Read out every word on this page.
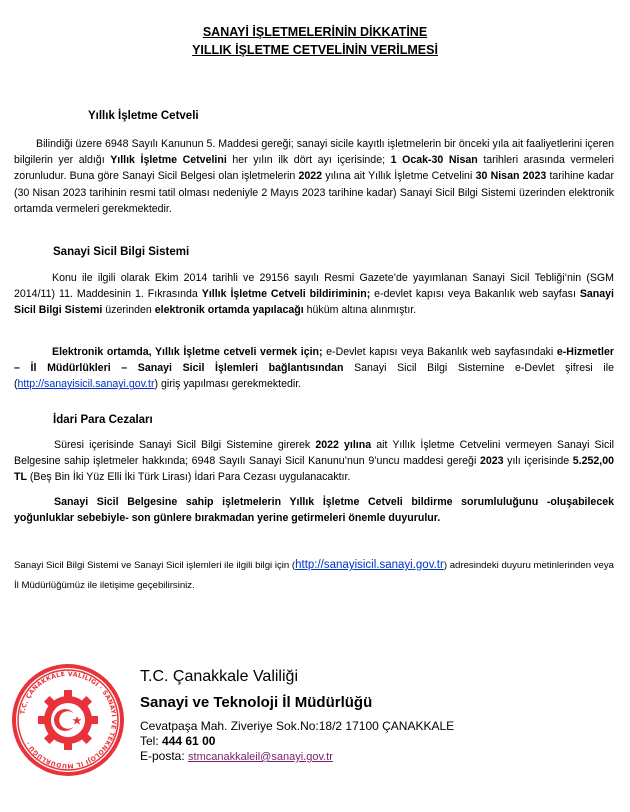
SANAYİ İŞLETMELERİNİN DİKKATİNE
YILLIK İŞLETME CETVELİNİN VERİLMESİ
Yıllık İşletme Cetveli
Bilindiği üzere 6948 Sayılı Kanunun 5. Maddesi gereği; sanayi sicile kayıtlı işletmelerin bir önceki yıla ait faaliyetlerini içeren bilgilerin yer aldığı Yıllık İşletme Cetvelini her yılın ilk dört ayı içerisinde; 1 Ocak-30 Nisan tarihleri arasında vermeleri zorunludur. Buna göre Sanayi Sicil Belgesi olan işletmelerin 2022 yılına ait Yıllık İşletme Cetvelini 30 Nisan 2023 tarihine kadar (30 Nisan 2023 tarihinin resmi tatil olması nedeniyle 2 Mayıs 2023 tarihine kadar) Sanayi Sicil Bilgi Sistemi üzerinden elektronik ortamda vermeleri gerekmektedir.
Sanayi Sicil Bilgi Sistemi
Konu ile ilgili olarak Ekim 2014 tarihli ve 29156 sayılı Resmi Gazete’de yayımlanan Sanayi Sicil Tebliği’nin (SGM 2014/11) 11. Maddesinin 1. Fıkrasında Yıllık İşletme Cetveli bildiriminin; e-devlet kapısı veya Bakanlık web sayfası Sanayi Sicil Bilgi Sistemi üzerinden elektronik ortamda yapılacağı hüküm altına alınmıştır.
Elektronik ortamda, Yıllık İşletme cetveli vermek için; e-Devlet kapısı veya Bakanlık web sayfasındaki e-Hizmetler – İl Müdürlükleri – Sanayi Sicil İşlemleri bağlantısından Sanayi Sicil Bilgi Sistemine e-Devlet şifresi ile (http://sanayisicil.sanayi.gov.tr) giriş yapılması gerekmektedir.
İdari Para Cezaları
Süresi içerisinde Sanayi Sicil Bilgi Sistemine girerek 2022 yılına ait Yıllık İşletme Cetvelini vermeyen Sanayi Sicil Belgesine sahip işletmeler hakkında; 6948 Sayılı Sanayi Sicil Kanunu’nun 9’uncu maddesi gereği 2023 yılı içerisinde 5.252,00 TL (Beş Bin İki Yüz Elli İki Türk Lirası) İdari Para Cezası uygulanacaktır.
Sanayi Sicil Belgesine sahip işletmelerin Yıllık İşletme Cetveli bildirme sorumluluğunu -oluşabilecek yoğunluklar sebebiyle- son günlere bırakmadan yerine getirmeleri önemle duyurulur.
Sanayi Sicil Bilgi Sistemi ve Sanayi Sicil işlemleri ile ilgili bilgi için (http://sanayisicil.sanayi.gov.tr) adresindeki duyuru metinlerinden veya İl Müdürlüğümüz ile iletişime geçebilirsiniz.
T.C. ÇANAKKALE VALİLİĞİ · SANAYİ VE TEKNOLOJİ İL MÜDÜRLÜĞÜ ·
T.C. Çanakkale Valiliği
Sanayi ve Teknoloji İl Müdürlüğü
Cevatpaşa Mah. Ziveriye Sok.No:18/2 17100 ÇANAKKALE
Tel: 444 61 00
E-posta: stmcanakkaleil@sanayi.gov.tr
